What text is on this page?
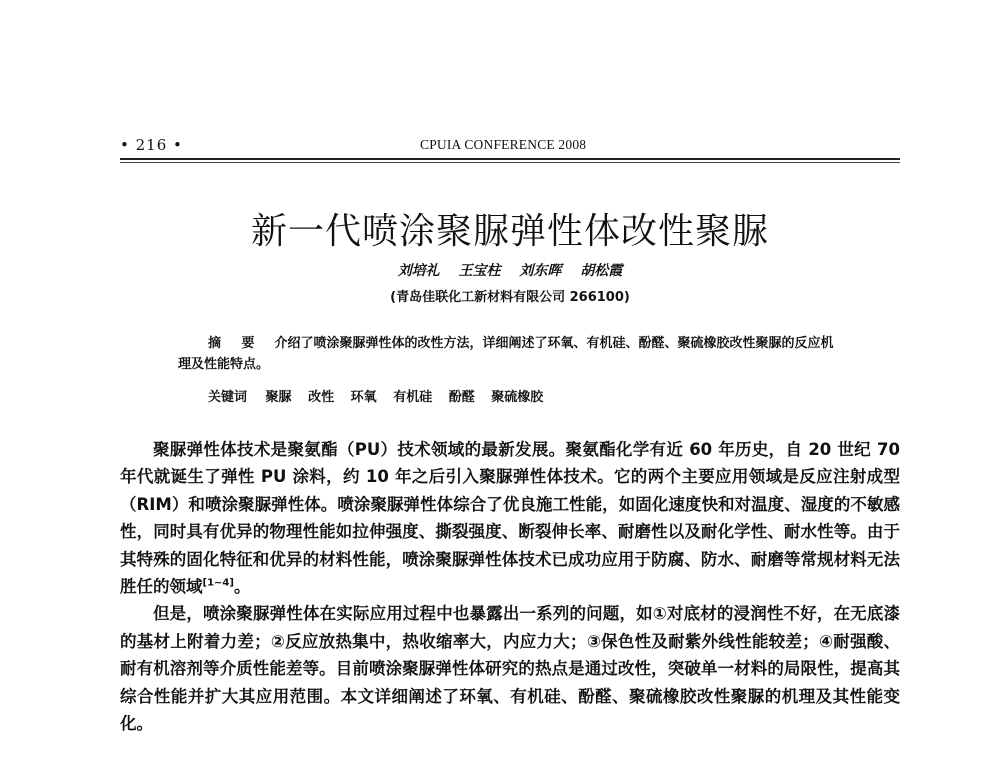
• 216 •	CPUIA CONFERENCE 2008
新一代喷涂聚脲弹性体改性聚脲
刘培礼 王宝柱 刘东晖 胡松霞
(青岛佳联化工新材料有限公司 266100)
摘 要 介绍了喷涂聚脲弹性体的改性方法，详细阐述了环氧、有机硅、酚醛、聚硫橡胶改性聚脲的反应机理及性能特点。
关键词 聚脲 改性 环氧 有机硅 酚醛 聚硫橡胶

聚脲弹性体技术是聚氨酯（PU）技术领域的最新发展。聚氨酯化学有近 60 年历史，自 20 世纪 70 年代就诞生了弹性 PU 涂料，约 10 年之后引入聚脲弹性体技术。它的两个主要应用领域是反应注射成型（RIM）和喷涂聚脲弹性体。喷涂聚脲弹性体综合了优良施工性能，如固化速度快和对温度、湿度的不敏感性，同时具有优异的物理性能如拉伸强度、撕裂强度、断裂伸长率、耐磨性以及耐化学性、耐水性等。由于其特殊的固化特征和优异的材料性能，喷涂聚脲弹性体技术已成功应用于防腐、防水、耐磨等常规材料无法胜任的领域[1~4]。

但是，喷涂聚脲弹性体在实际应用过程中也暴露出一系列的问题，如①对底材的浸润性不好，在无底漆的基材上附着力差；②反应放热集中，热收缩率大，内应力大；③保色性及耐紫外线性能较差；④耐强酸、耐有机溶剂等介质性能差等。目前喷涂聚脲弹性体研究的热点是通过改性，突破单一材料的局限性，提高其综合性能并扩大其应用范围。本文详细阐述了环氧、有机硅、酚醛、聚硫橡胶改性聚脲的机理及其性能变化。
